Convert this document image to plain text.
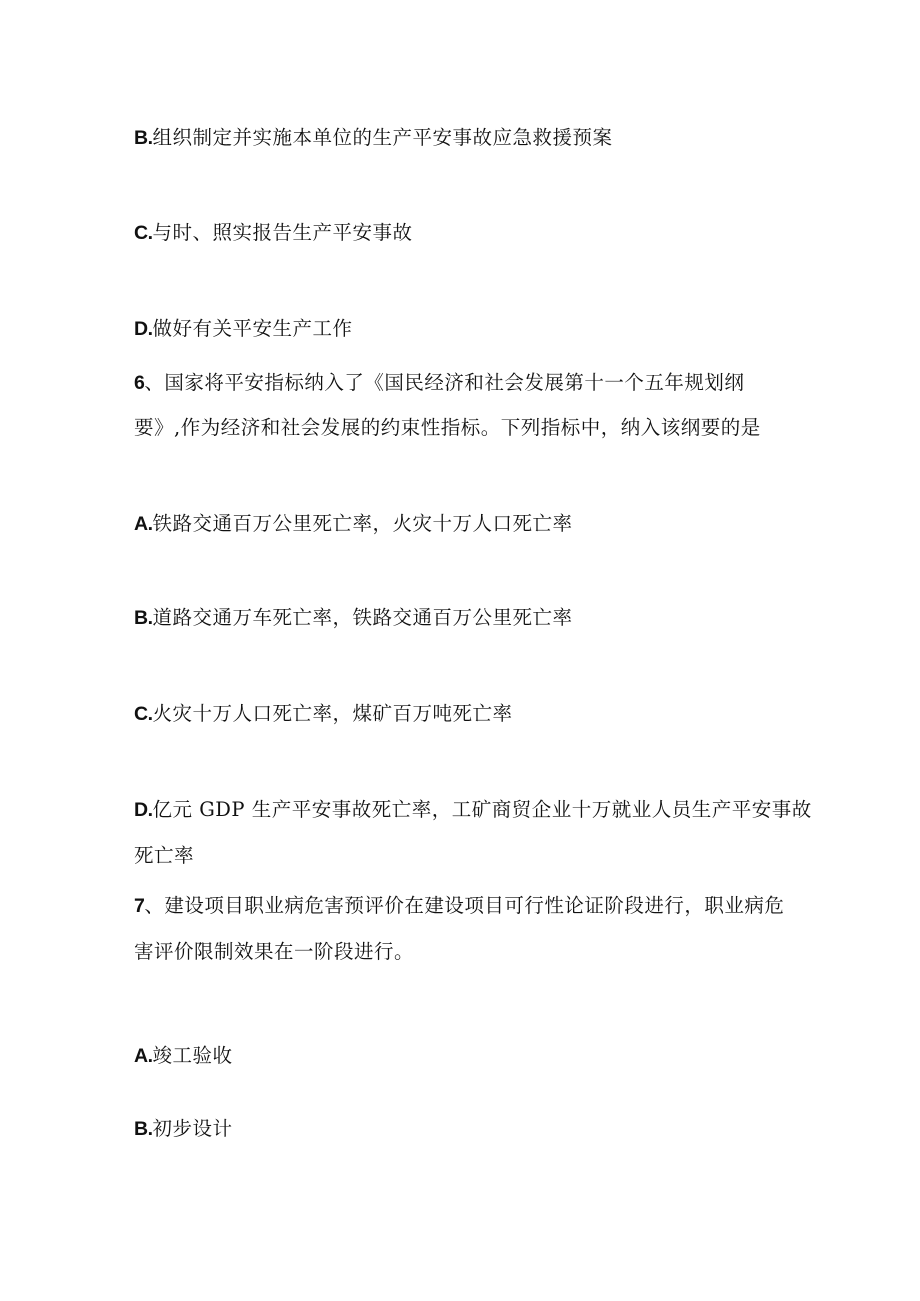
B.组织制定并实施本单位的生产平安事故应急救援预案
C.与时、照实报告生产平安事故
D.做好有关平安生产工作
6、国家将平安指标纳入了《国民经济和社会发展第十一个五年规划纲
要》,作为经济和社会发展的约束性指标。下列指标中，纳入该纲要的是
A.铁路交通百万公里死亡率，火灾十万人口死亡率
B.道路交通万车死亡率，铁路交通百万公里死亡率
C.火灾十万人口死亡率，煤矿百万吨死亡率
D.亿元 GDP 生产平安事故死亡率，工矿商贸企业十万就业人员生产平安事故
死亡率
7、建设项目职业病危害预评价在建设项目可行性论证阶段进行，职业病危
害评价限制效果在一阶段进行。
A.竣工验收
B.初步设计
